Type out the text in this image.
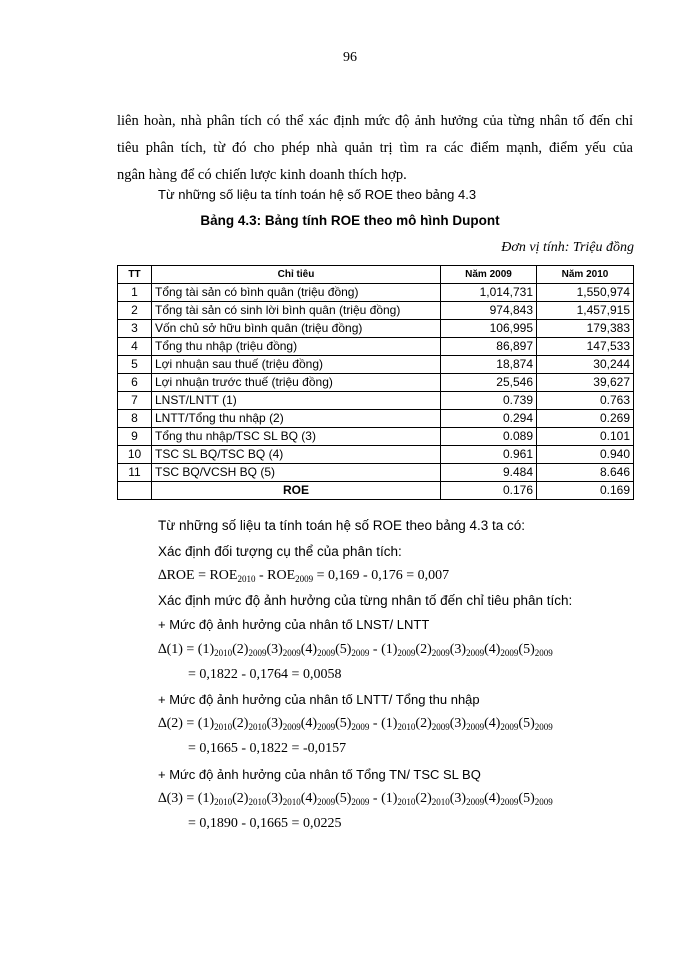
96

liên hoàn, nhà phân tích có thể xác định mức độ ảnh hưởng của từng nhân tố đến chỉ
tiêu phân tích, từ đó cho phép nhà quản trị tìm ra các điểm mạnh, điểm yếu của
ngân hàng để có chiến lược kinh doanh thích hợp.

Từ những số liệu ta tính toán hệ số ROE theo bảng 4.3
Bảng 4.3: Bảng tính ROE theo mô hình Dupont
Đơn vị tính: Triệu đồng
TT	Chỉ tiêu	Năm 2009	Năm 2010
1	Tổng tài sản có bình quân (triệu đồng)	1,014,731	1,550,974
2	Tổng tài sản có sinh lời bình quân (triệu đồng)	974,843	1,457,915
3	Vốn chủ sở hữu bình quân (triệu đồng)	106,995	179,383
4	Tổng thu nhập (triệu đồng)	86,897	147,533
5	Lợi nhuận sau thuế (triệu đồng)	18,874	30,244
6	Lợi nhuận trước thuế (triệu đồng)	25,546	39,627
7	LNST/LNTT (1)	0.739	0.763
8	LNTT/Tổng thu nhập (2)	0.294	0.269
9	Tổng thu nhập/TSC SL BQ (3)	0.089	0.101
10	TSC SL BQ/TSC BQ (4)	0.961	0.940
11	TSC BQ/VCSH BQ (5)	9.484	8.646
	ROE	0.176	0.169
Từ những số liệu ta tính toán hệ số ROE theo bảng 4.3 ta có:
Xác định đối tượng cụ thể của phân tích:
$\Delta ROE = ROE_{2010} - ROE_{2009} = 0,169 - 0,176 = 0,007$
Xác định mức độ ảnh hưởng của từng nhân tố đến chỉ tiêu phân tích:
+ Mức độ ảnh hưởng của nhân tố LNST/ LNTT
$\Delta(1) = (1)_{2010}(2)_{2009}(3)_{2009}(4)_{2009}(5)_{2009} - (1)_{2009}(2)_{2009}(3)_{2009}(4)_{2009}(5)_{2009}$
= 0,1822 - 0,1764 = 0,0058
+ Mức độ ảnh hưởng của nhân tố LNTT/ Tổng thu nhập
$\Delta(2) = (1)_{2010}(2)_{2010}(3)_{2009}(4)_{2009}(5)_{2009} - (1)_{2010}(2)_{2009}(3)_{2009}(4)_{2009}(5)_{2009}$
= 0,1665 - 0,1822 = -0,0157
+ Mức độ ảnh hưởng của nhân tố Tổng TN/ TSC SL BQ
$\Delta(3) = (1)_{2010}(2)_{2010}(3)_{2010}(4)_{2009}(5)_{2009} - (1)_{2010}(2)_{2010}(3)_{2009}(4)_{2009}(5)_{2009}$
= 0,1890 - 0,1665 = 0,0225
